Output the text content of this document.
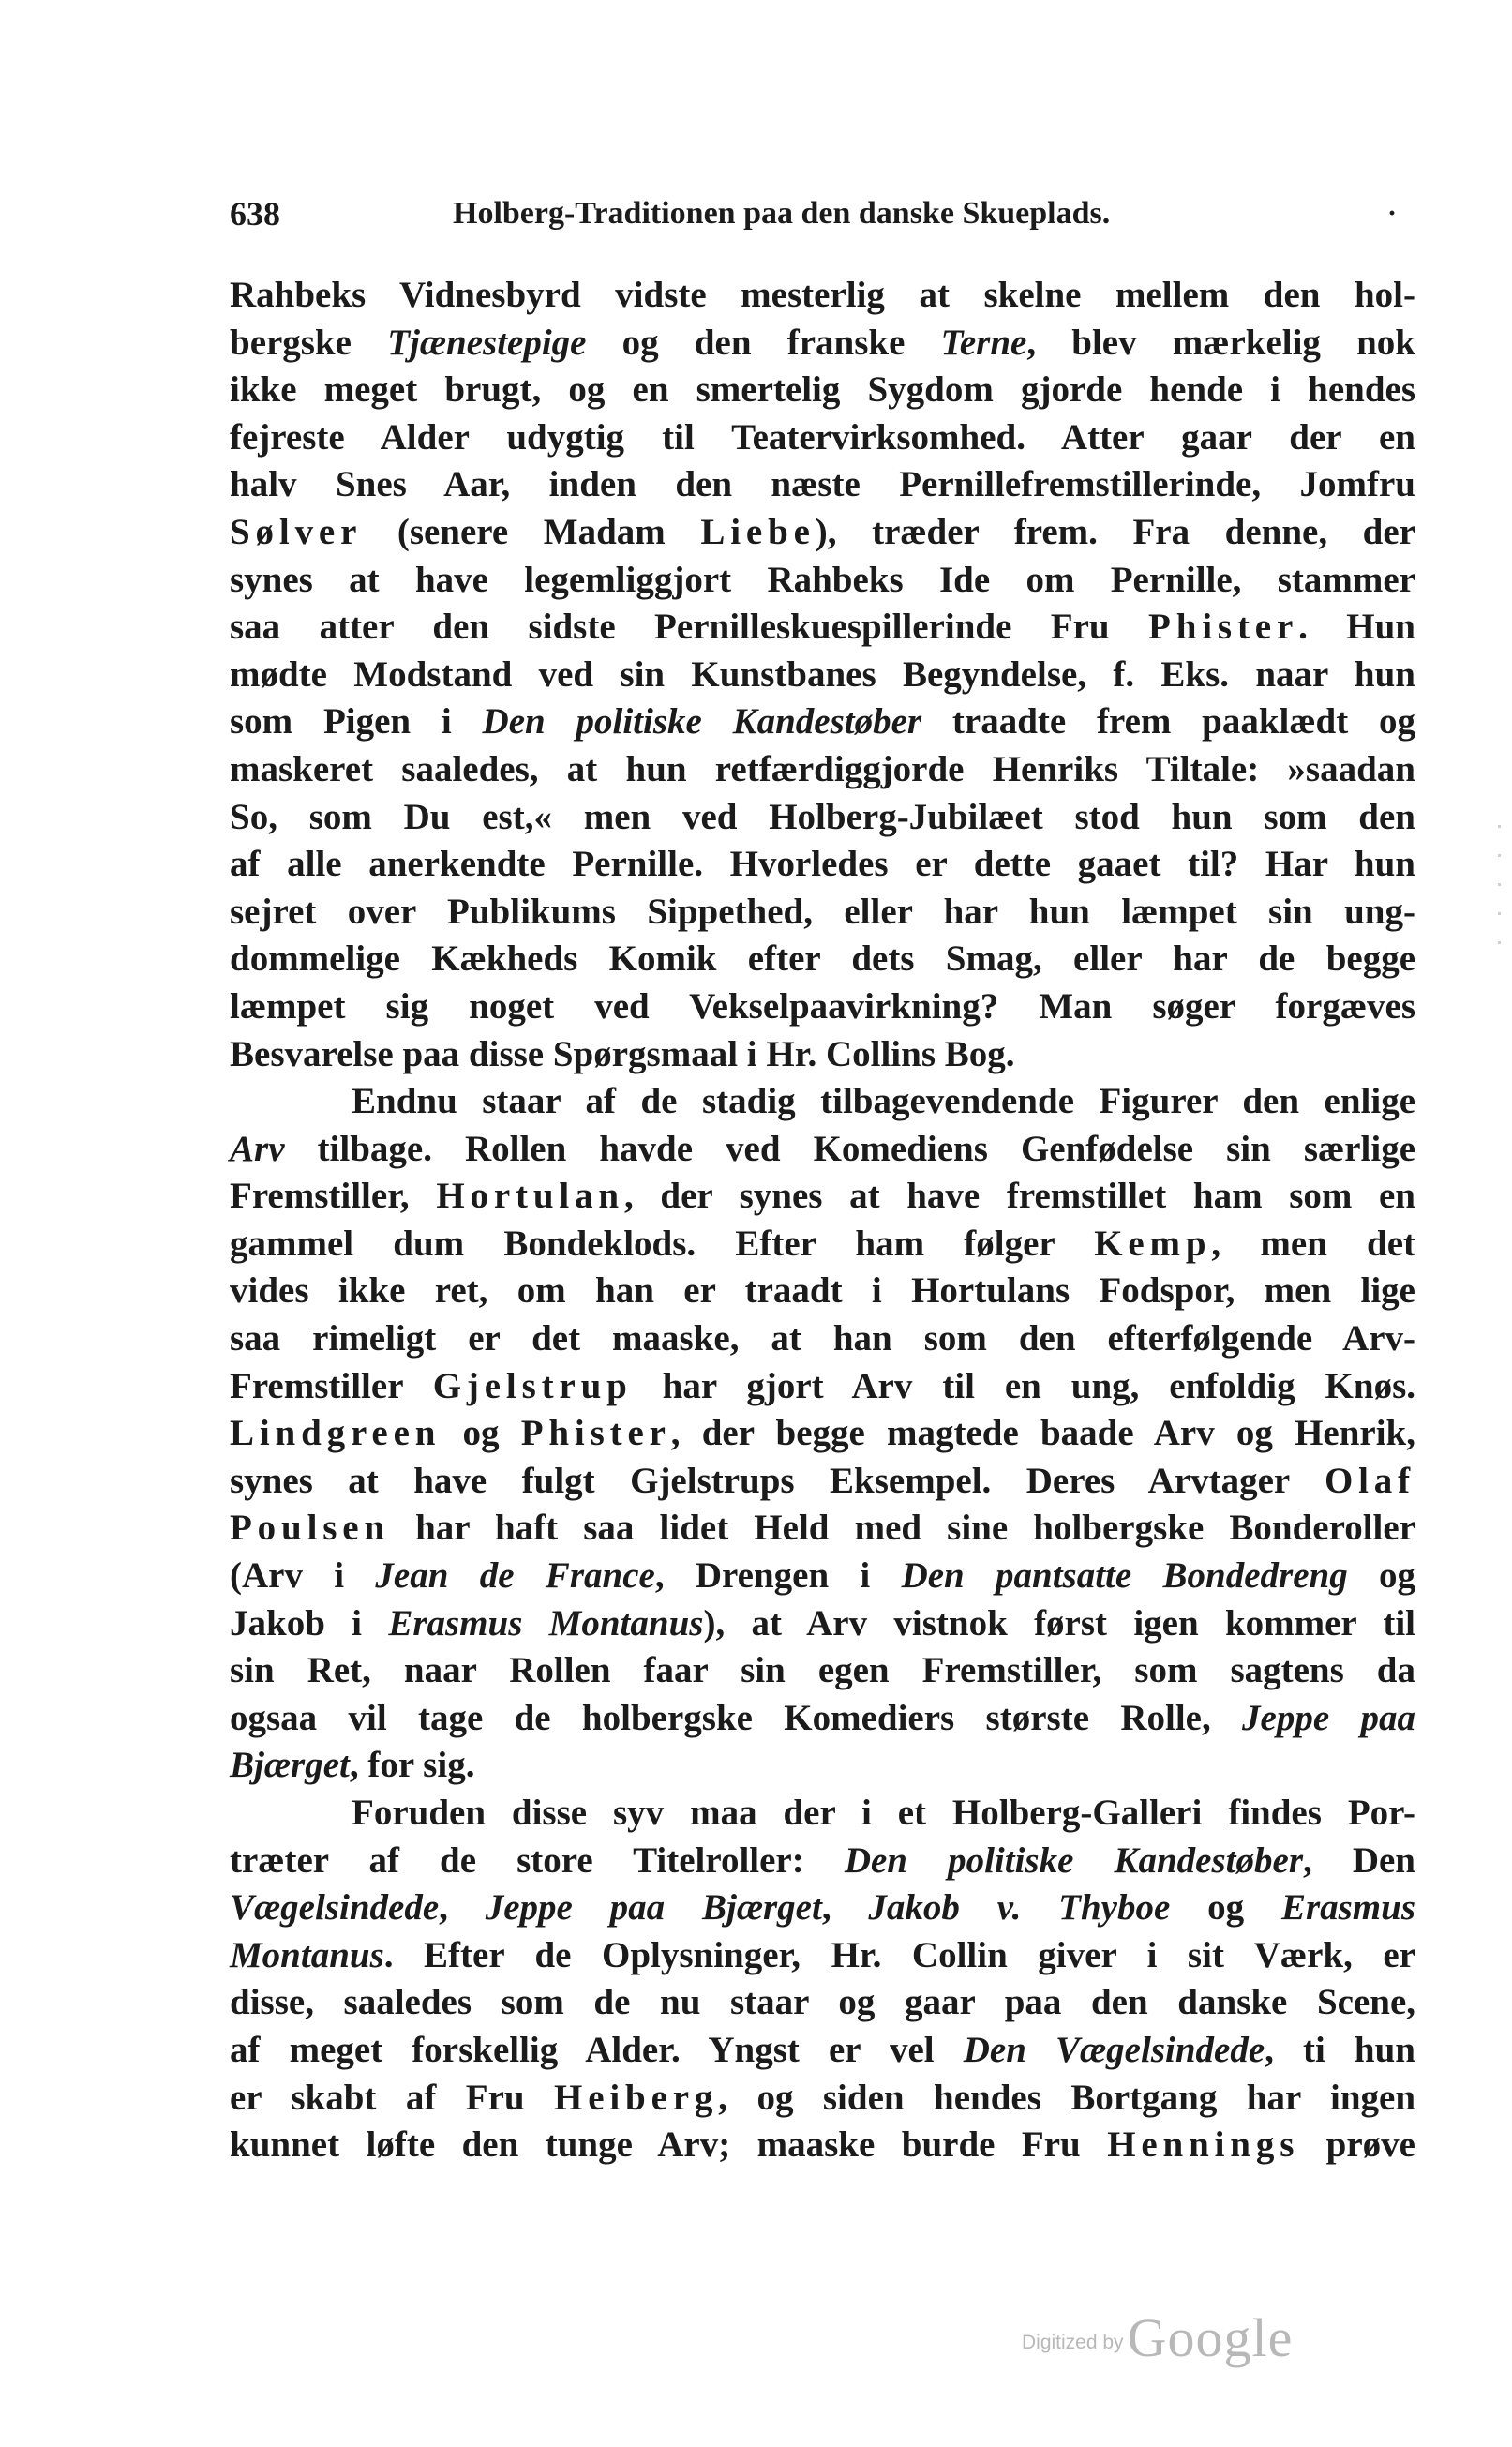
638	Holberg-Traditionen paa den danske Skueplads.	·
Rahbeks Vidnesbyrd vidste mesterlig at skelne mellem den hol-
bergske Tjænestepige og den franske Terne, blev mærkelig nok
ikke meget brugt, og en smertelig Sygdom gjorde hende i hendes
fejreste Alder udygtig til Teatervirksomhed. Atter gaar der en
halv Snes Aar, inden den næste Pernillefremstillerinde, Jomfru
Sølver (senere Madam Liebe), træder frem. Fra denne, der
synes at have legemliggjort Rahbeks Ide om Pernille, stammer
saa atter den sidste Pernilleskuespillerinde Fru Phister. Hun
mødte Modstand ved sin Kunstbanes Begyndelse, f. Eks. naar hun
som Pigen i Den politiske Kandestøber traadte frem paaklædt og
maskeret saaledes, at hun retfærdiggjorde Henriks Tiltale: »saadan
So, som Du est,« men ved Holberg-Jubilæet stod hun som den
af alle anerkendte Pernille. Hvorledes er dette gaaet til? Har hun
sejret over Publikums Sippethed, eller har hun læmpet sin ung-
dommelige Kækheds Komik efter dets Smag, eller har de begge
læmpet sig noget ved Vekselpaavirkning? Man søger forgæves
Besvarelse paa disse Spørgsmaal i Hr. Collins Bog.
Endnu staar af de stadig tilbagevendende Figurer den enlige
Arv tilbage. Rollen havde ved Komediens Genfødelse sin særlige
Fremstiller, Hortulan, der synes at have fremstillet ham som en
gammel dum Bondeklods. Efter ham følger Kemp, men det
vides ikke ret, om han er traadt i Hortulans Fodspor, men lige
saa rimeligt er det maaske, at han som den efterfølgende Arv-
Fremstiller Gjelstrup har gjort Arv til en ung, enfoldig Knøs.
Lindgreen og Phister, der begge magtede baade Arv og Henrik,
synes at have fulgt Gjelstrups Eksempel. Deres Arvtager Olaf
Poulsen har haft saa lidet Held med sine holbergske Bonderoller
(Arv i Jean de France, Drengen i Den pantsatte Bondedreng og
Jakob i Erasmus Montanus), at Arv vistnok først igen kommer til
sin Ret, naar Rollen faar sin egen Fremstiller, som sagtens da
ogsaa vil tage de holbergske Komediers største Rolle, Jeppe paa
Bjærget, for sig.
Foruden disse syv maa der i et Holberg-Galleri findes Por-
træter af de store Titelroller: Den politiske Kandestøber, Den
Vægelsindede, Jeppe paa Bjærget, Jakob v. Thyboe og Erasmus
Montanus. Efter de Oplysninger, Hr. Collin giver i sit Værk, er
disse, saaledes som de nu staar og gaar paa den danske Scene,
af meget forskellig Alder. Yngst er vel Den Vægelsindede, ti hun
er skabt af Fru Heiberg, og siden hendes Bortgang har ingen
kunnet løfte den tunge Arv; maaske burde Fru Hennings prøve
Digitized by Google
